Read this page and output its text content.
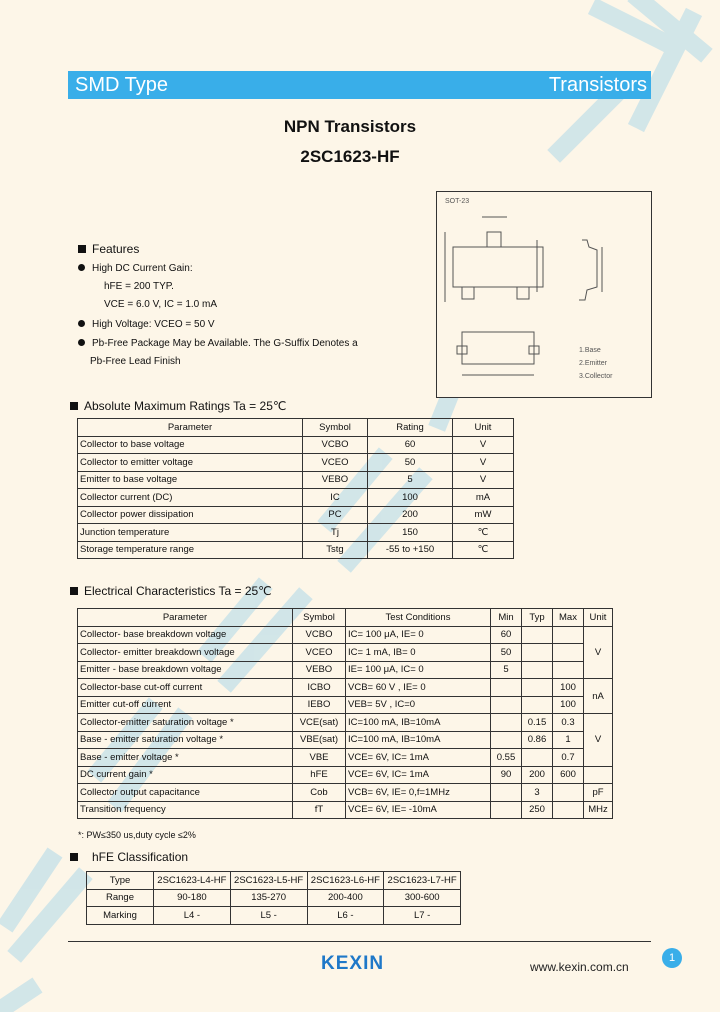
SMD Type	Transistors
NPN Transistors
2SC1623-HF
Features
High DC Current Gain:
hFE = 200 TYP.
VCE = 6.0 V, IC = 1.0 mA
High Voltage: VCEO = 50 V
Pb-Free Package May be Available. The G-Suffix Denotes a
Pb-Free Lead Finish
SOT-23
1.Base
2.Emitter
3.Collector
Absolute Maximum Ratings Ta = 25℃
Parameter	Symbol	Rating	Unit
Collector to base voltage	VCBO	60	V
Collector to emitter voltage	VCEO	50	V
Emitter to base voltage	VEBO	5	V
Collector current (DC)	IC	100	mA
Collector power dissipation	PC	200	mW
Junction temperature	Tj	150	℃
Storage temperature range	Tstg	-55 to +150	℃
Electrical Characteristics Ta = 25℃
Parameter	Symbol	Test Conditions	Min	Typ	Max	Unit
Collector- base breakdown voltage	VCBO	IC= 100 μA, IE= 0	60			V
Collector- emitter breakdown voltage	VCEO	IC= 1 mA, IB= 0	50			
Emitter - base breakdown voltage	VEBO	IE= 100 μA, IC= 0	5			
Collector-base cut-off current	ICBO	VCB= 60 V , IE= 0			100	nA
Emitter cut-off current	IEBO	VEB= 5V , IC=0			100	
Collector-emitter saturation voltage *	VCE(sat)	IC=100 mA, IB=10mA		0.15	0.3	V
Base - emitter saturation voltage *	VBE(sat)	IC=100 mA, IB=10mA		0.86	1	
Base - emitter voltage *	VBE	VCE= 6V, IC= 1mA	0.55		0.7	
DC current gain *	hFE	VCE= 6V, IC= 1mA	90	200	600	
Collector output capacitance	Cob	VCB= 6V, IE= 0,f=1MHz		3		pF
Transition frequency	fT	VCE= 6V, IE= -10mA		250		MHz
*: PW≤350 us,duty cycle ≤2%
hFE Classification
Type	2SC1623-L4-HF	2SC1623-L5-HF	2SC1623-L6-HF	2SC1623-L7-HF
Range	90-180	135-270	200-400	300-600
Marking	L4 -	L5 -	L6 -	L7 -
KEXIN	www.kexin.com.cn
1
